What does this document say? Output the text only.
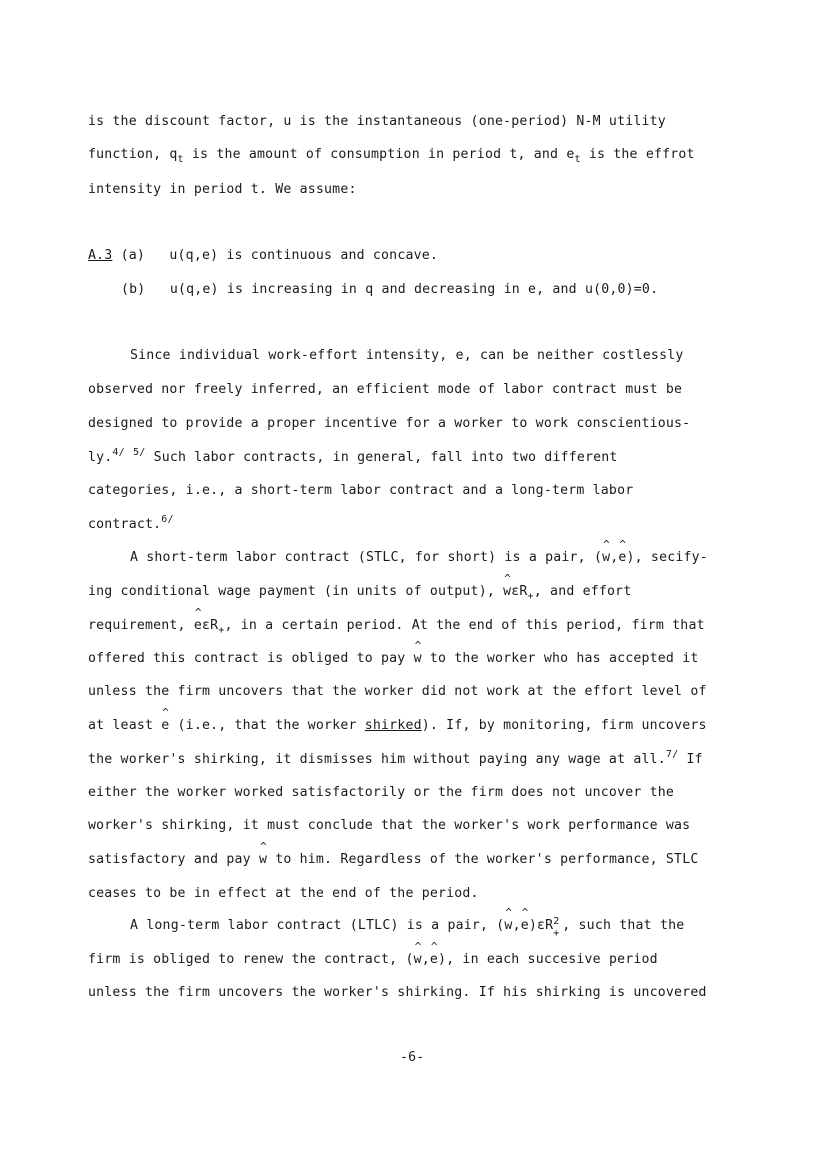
is the discount factor, u is the instantaneous (one-period) N-M utility
function, $q_t$ is the amount of consumption in period t, and $e_t$ is the effrot
intensity in period t. We assume:
A.3 (a) u(q,e) is continuous and concave.
(b) u(q,e) is increasing in q and decreasing in e, and u(0,0)=0.
Since individual work-effort intensity, e, can be neither costlessly
observed nor freely inferred, an efficient mode of labor contract must be
designed to provide a proper incentive for a worker to work conscientious-
ly.$^{4/}$ $^{5/}$ Such labor contracts, in general, fall into two different
categories, i.e., a short-term labor contract and a long-term labor
contract.$^{6/}$
A short-term labor contract (STLC, for short) is a pair, (^ w,^ e), secify-
ing conditional wage payment (in units of output), ^ wεR$_+$, and effort
requirement, ^ eεR$_+$, in a certain period. At the end of this period, firm that
offered this contract is obliged to pay ^ w to the worker who has accepted it
unless the firm uncovers that the worker did not work at the effort level of
at least ^ e (i.e., that the worker shirked). If, by monitoring, firm uncovers
the worker's shirking, it dismisses him without paying any wage at all.$^{7/}$ If
either the worker worked satisfactorily or the firm does not uncover the
worker's shirking, it must conclude that the worker's work performance was
satisfactory and pay ^ w to him. Regardless of the worker's performance, STLC
ceases to be in effect at the end of the period.
A long-term labor contract (LTLC) is a pair, (^ w,^ e)εR 2
+
, such that the
firm is obliged to renew the contract, (^ w,^ e), in each succesive period
unless the firm uncovers the worker's shirking. If his shirking is uncovered
-6-
